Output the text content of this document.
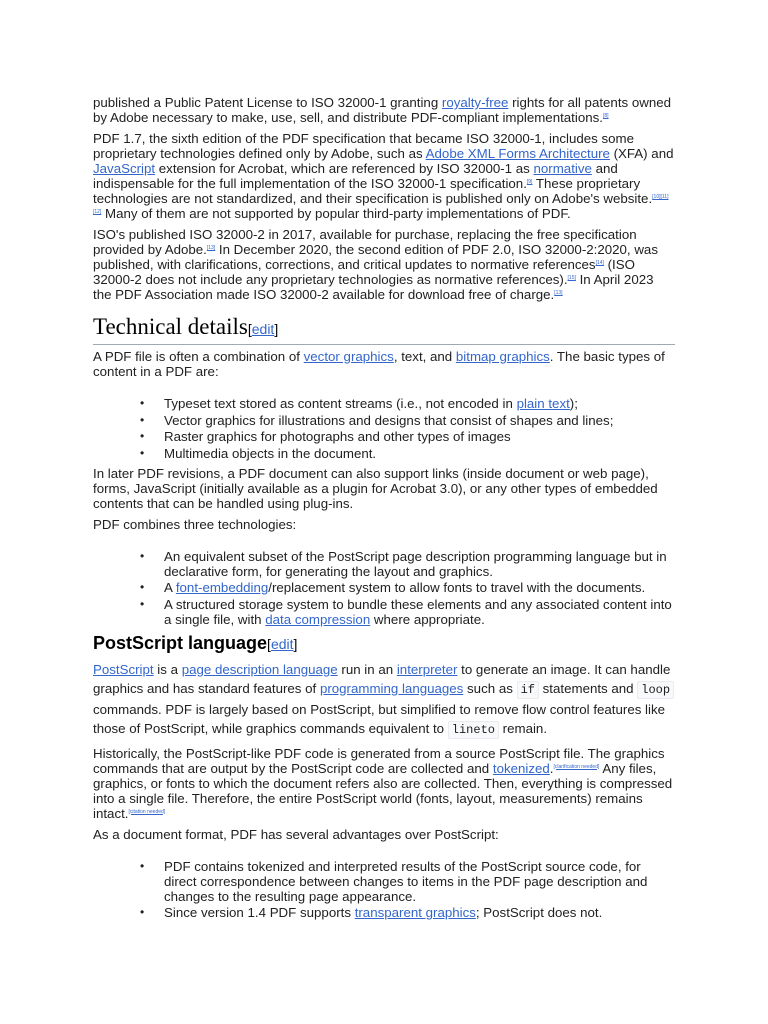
published a Public Patent License to ISO 32000-1 granting royalty-free rights for all patents owned by Adobe necessary to make, use, sell, and distribute PDF-compliant implementations.[8]

PDF 1.7, the sixth edition of the PDF specification that became ISO 32000-1, includes some proprietary technologies defined only by Adobe, such as Adobe XML Forms Architecture (XFA) and JavaScript extension for Acrobat, which are referenced by ISO 32000-1 as normative and indispensable for the full implementation of the ISO 32000-1 specification.[9] These proprietary technologies are not standardized, and their specification is published only on Adobe's website.[10][11][12] Many of them are not supported by popular third-party implementations of PDF.

ISO's published ISO 32000-2 in 2017, available for purchase, replacing the free specification provided by Adobe.[13] In December 2020, the second edition of PDF 2.0, ISO 32000-2:2020, was published, with clarifications, corrections, and critical updates to normative references[14] (ISO 32000-2 does not include any proprietary technologies as normative references).[15] In April 2023 the PDF Association made ISO 32000-2 available for download free of charge.[13]

Technical details[edit]

A PDF file is often a combination of vector graphics, text, and bitmap graphics. The basic types of content in a PDF are:

• Typeset text stored as content streams (i.e., not encoded in plain text);
• Vector graphics for illustrations and designs that consist of shapes and lines;
• Raster graphics for photographs and other types of images
• Multimedia objects in the document.

In later PDF revisions, a PDF document can also support links (inside document or web page), forms, JavaScript (initially available as a plugin for Acrobat 3.0), or any other types of embedded contents that can be handled using plug-ins.

PDF combines three technologies:

• An equivalent subset of the PostScript page description programming language but in declarative form, for generating the layout and graphics.
• A font-embedding/replacement system to allow fonts to travel with the documents.
• A structured storage system to bundle these elements and any associated content into a single file, with data compression where appropriate.
PostScript language[edit]

PostScript is a page description language run in an interpreter to generate an image. It can handle graphics and has standard features of programming languages such as if statements and loop commands. PDF is largely based on PostScript, but simplified to remove flow control features like those of PostScript, while graphics commands equivalent to lineto remain.

Historically, the PostScript-like PDF code is generated from a source PostScript file. The graphics commands that are output by the PostScript code are collected and tokenized.[clarification needed] Any files, graphics, or fonts to which the document refers also are collected. Then, everything is compressed into a single file. Therefore, the entire PostScript world (fonts, layout, measurements) remains intact.[citation needed]

As a document format, PDF has several advantages over PostScript:

• PDF contains tokenized and interpreted results of the PostScript source code, for direct correspondence between changes to items in the PDF page description and changes to the resulting page appearance.
• Since version 1.4 PDF supports transparent graphics; PostScript does not.
